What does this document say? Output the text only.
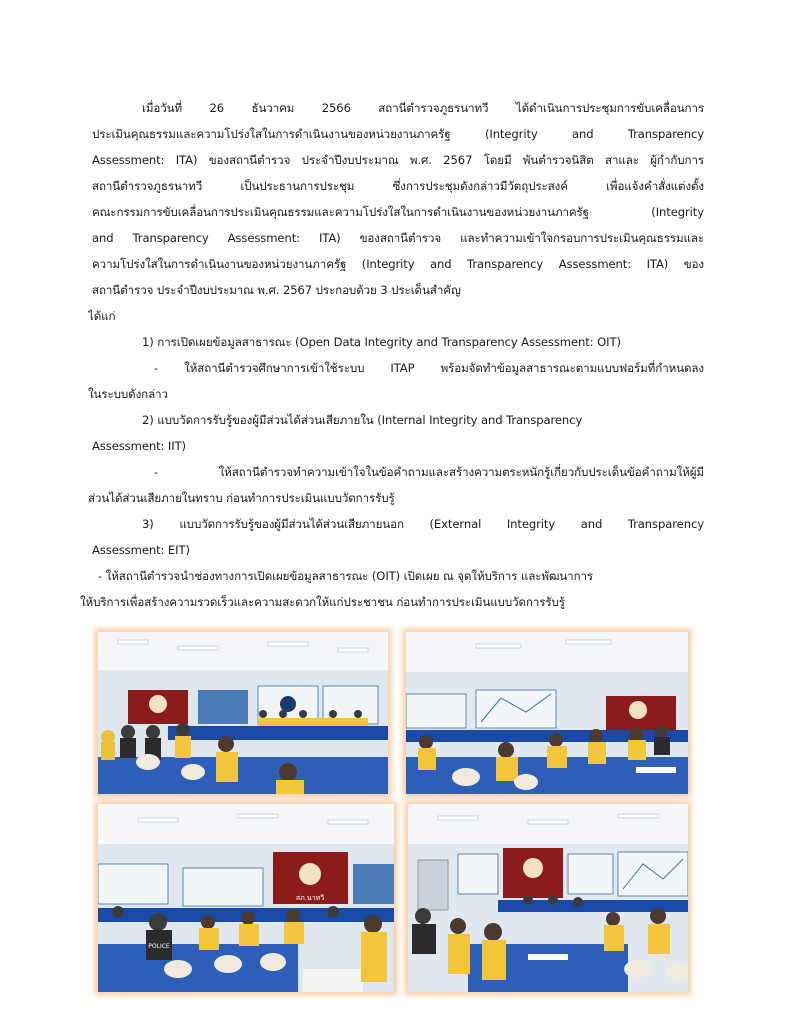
เมื่อวันที่ 26 ธันวาคม 2566 สถานีตำรวจภูธรนาทวี ได้ดำเนินการประชุมการขับเคลื่อนการ
ประเมินคุณธรรมและความโปร่งใสในการดำเนินงานของหน่วยงานภาครัฐ (Integrity and Transparency
Assessment: ITA) ของสถานีตำรวจ ประจำปีงบประมาณ พ.ศ. 2567 โดยมี พันตำรวจนิสิต สาและ ผู้กำกับการ
สถานีตำรวจภูธรนาทวี เป็นประธานการประชุม ซึ่งการประชุมดังกล่าวมีวัตถุประสงค์ เพื่อแจ้งคำสั่งแต่งตั้ง
คณะกรรมการขับเคลื่อนการประเมินคุณธรรมและความโปร่งใสในการดำเนินงานของหน่วยงานภาครัฐ (Integrity
and Transparency Assessment: ITA) ของสถานีตำรวจ และทำความเข้าใจกรอบการประเมินคุณธรรมและ
ความโปร่งใสในการดำเนินงานของหน่วยงานภาครัฐ (Integrity and Transparency Assessment: ITA) ของ
สถานีตำรวจ ประจำปีงบประมาณ พ.ศ. 2567 ประกอบด้วย 3 ประเด็นสำคัญ
ได้แก่
1) การเปิดเผยข้อมูลสาธารณะ (Open Data Integrity and Transparency Assessment: OIT)
- ให้สถานีตำรวจศึกษาการเข้าใช้ระบบ ITAP พร้อมจัดทำข้อมูลสาธารณะตามแบบฟอร์มที่กำหนดลง
ในระบบดังกล่าว
2) แบบวัดการรับรู้ของผู้มีส่วนได้ส่วนเสียภายใน (Internal Integrity and Transparency
Assessment: IIT)
- ให้สถานีตำรวจทำความเข้าใจในข้อคำถามและสร้างความตระหนักรู้เกี่ยวกับประเด็นข้อคำถามให้ผู้มี
ส่วนได้ส่วนเสียภายในทราบ ก่อนทำการประเมินแบบวัดการรับรู้
3) แบบวัดการรับรู้ของผู้มีส่วนได้ส่วนเสียภายนอก (External Integrity and Transparency
Assessment: EIT)
- ให้สถานีตำรวจนำช่องทางการเปิดเผยข้อมูลสาธารณะ (OIT) เปิดเผย ณ จุดให้บริการ และพัฒนาการ
ให้บริการเพื่อสร้างความรวดเร็วและความสะดวกให้แก่ประชาชน ก่อนทำการประเมินแบบวัดการรับรู้
สภ.นาทวี
POLICE
